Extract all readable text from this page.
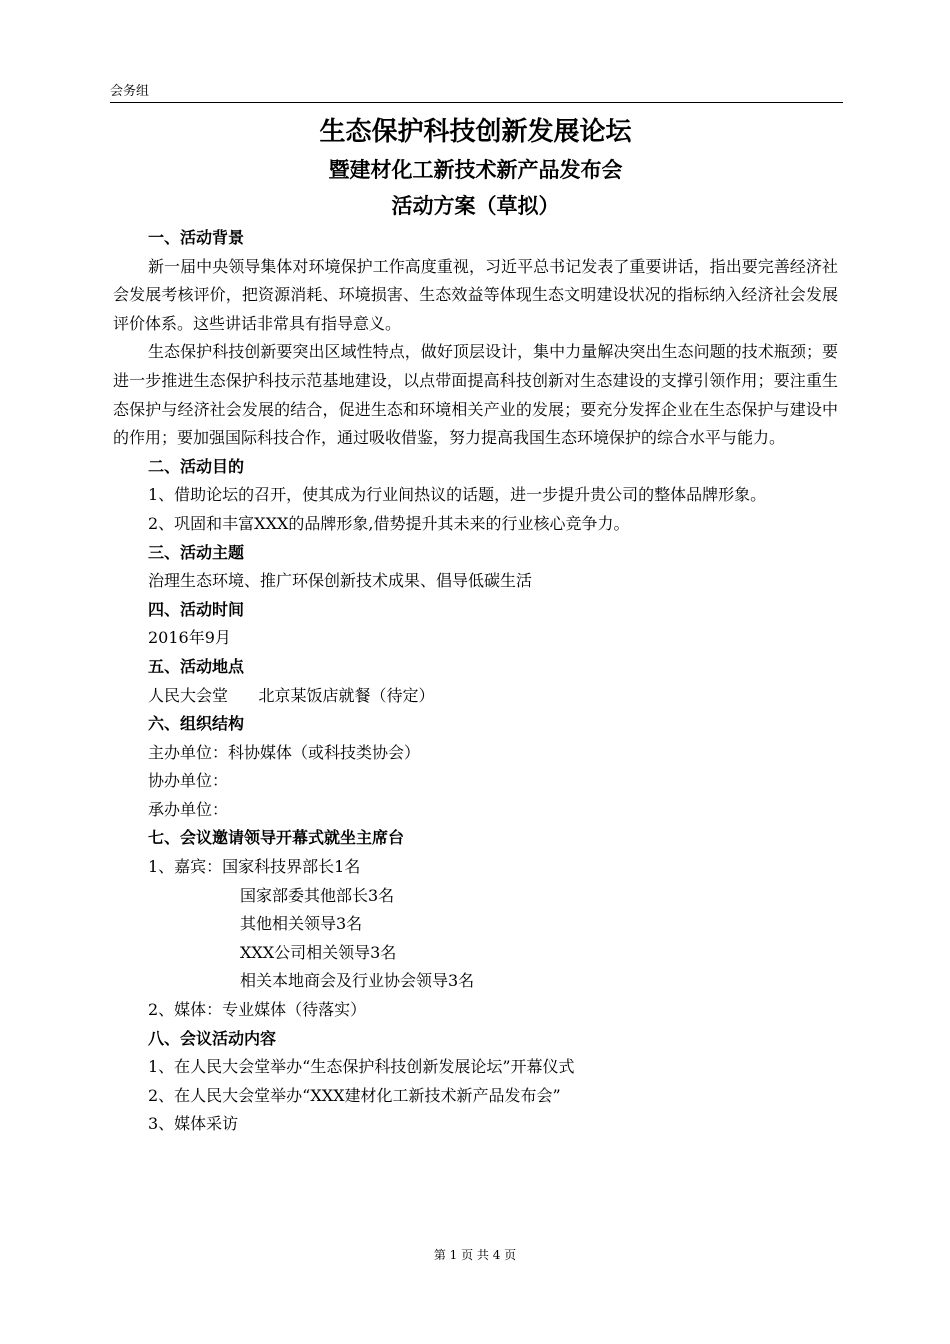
会务组
生态保护科技创新发展论坛
暨建材化工新技术新产品发布会
活动方案（草拟）
一、活动背景

新一届中央领导集体对环境保护工作高度重视，习近平总书记发表了重要讲话，指出要完善经济社会发展考核评价，把资源消耗、环境损害、生态效益等体现生态文明建设状况的指标纳入经济社会发展评价体系。这些讲话非常具有指导意义。

生态保护科技创新要突出区域性特点，做好顶层设计，集中力量解决突出生态问题的技术瓶颈；要进一步推进生态保护科技示范基地建设，以点带面提高科技创新对生态建设的支撑引领作用；要注重生态保护与经济社会发展的结合，促进生态和环境相关产业的发展；要充分发挥企业在生态保护与建设中的作用；要加强国际科技合作，通过吸收借鉴，努力提高我国生态环境保护的综合水平与能力。

二、活动目的

1、借助论坛的召开，使其成为行业间热议的话题，进一步提升贵公司的整体品牌形象。

2、巩固和丰富XXX的品牌形象,借势提升其未来的行业核心竞争力。

三、活动主题
治理生态环境、推广环保创新技术成果、倡导低碳生活
四、活动时间
2016年9月
五、活动地点
人民大会堂      北京某饭店就餐（待定）
六、组织结构
主办单位：科协媒体（或科技类协会）
协办单位：
承办单位：
七、会议邀请领导开幕式就坐主席台
1、嘉宾：国家科技界部长1名
国家部委其他部长3名
其他相关领导3名
XXX公司相关领导3名
相关本地商会及行业协会领导3名
2、媒体：专业媒体（待落实）
八、会议活动内容
1、在人民大会堂举办“生态保护科技创新发展论坛”开幕仪式
2、在人民大会堂举办“XXX建材化工新技术新产品发布会”
3、媒体采访
第 1 页 共 4 页
